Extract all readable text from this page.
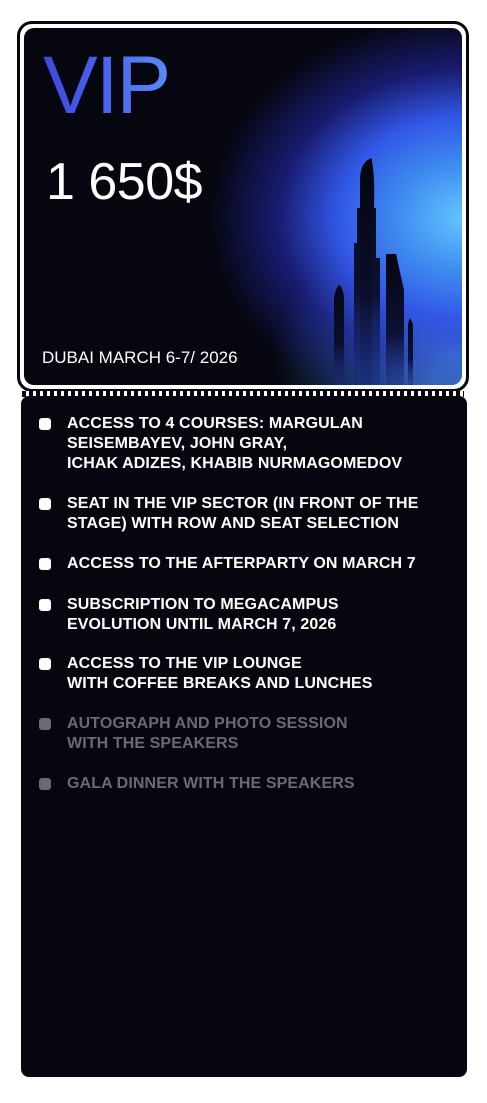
VIP
1 650$
DUBAI MARCH 6-7/ 2026

ACCESS TO 4 COURSES: MARGULAN
SEISEMBAYEV, JOHN GRAY,
ICHAK ADIZES, KHABIB NURMAGOMEDOV

SEAT IN THE VIP SECTOR (IN FRONT OF THE
STAGE) WITH ROW AND SEAT SELECTION

ACCESS TO THE AFTERPARTY ON MARCH 7

SUBSCRIPTION TO MEGACAMPUS
EVOLUTION UNTIL MARCH 7, 2026

ACCESS TO THE VIP LOUNGE
WITH COFFEE BREAKS AND LUNCHES

AUTOGRAPH AND PHOTO SESSION
WITH THE SPEAKERS

GALA DINNER WITH THE SPEAKERS
